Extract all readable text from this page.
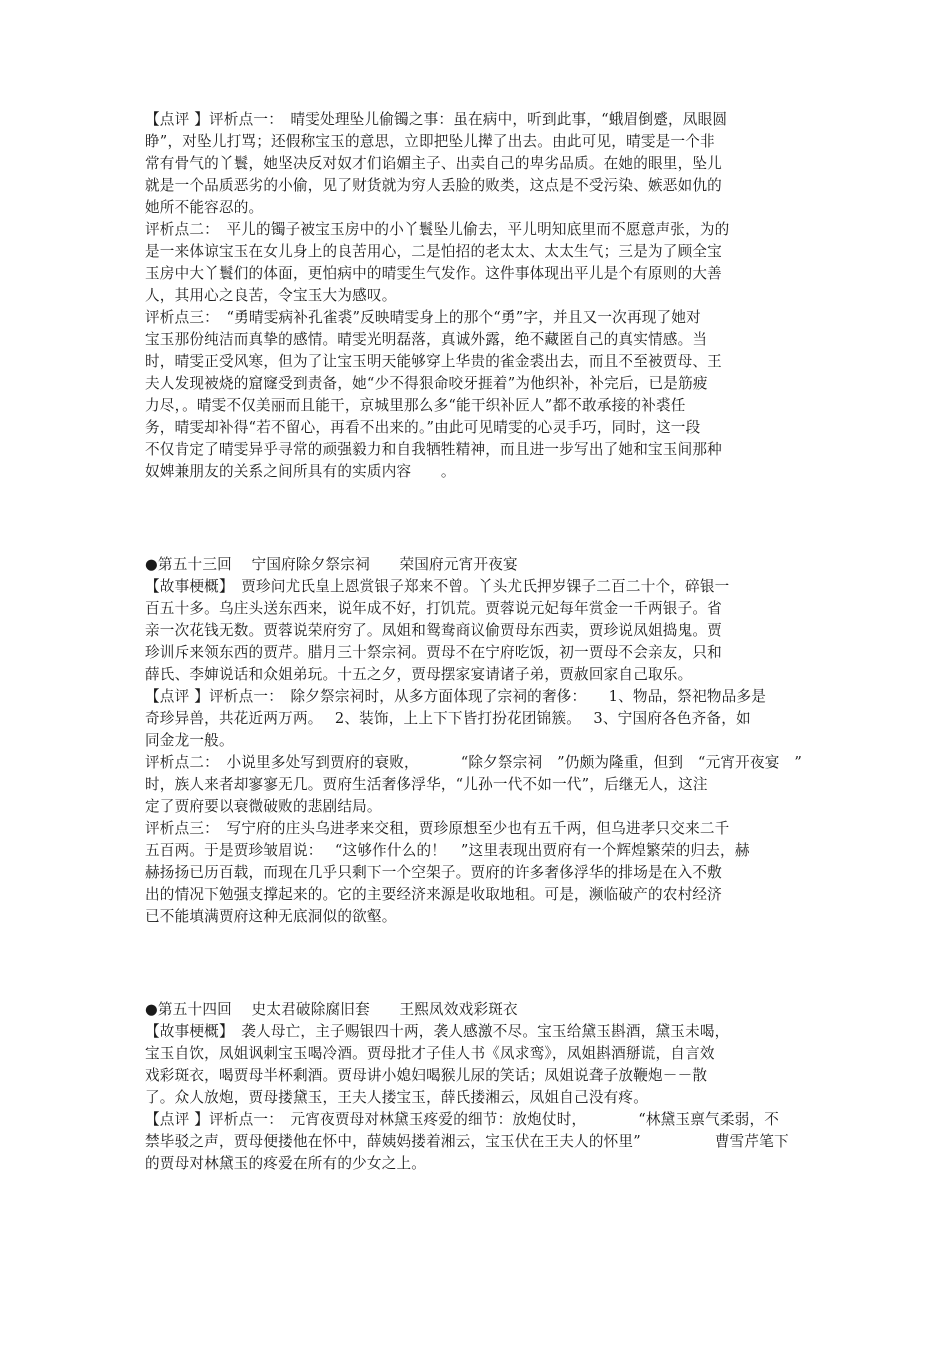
【点评 】评析点一：　晴雯处理坠儿偷镯之事：虽在病中，听到此事，“蛾眉倒蹙，凤眼圆
睁”，对坠儿打骂；还假称宝玉的意思，立即把坠儿撵了出去。由此可见，晴雯是一个非
常有骨气的丫鬟，她坚决反对奴才们谄媚主子、出卖自己的卑劣品质。在她的眼里，坠儿
就是一个品质恶劣的小偷，见了财货就为穷人丢脸的败类，这点是不受污染、嫉恶如仇的
她所不能容忍的。
评析点二：　平儿的镯子被宝玉房中的小丫鬟坠儿偷去，平儿明知底里而不愿意声张，为的
是一来体谅宝玉在女儿身上的良苦用心，二是怕招的老太太、太太生气；三是为了顾全宝
玉房中大丫鬟们的体面，更怕病中的晴雯生气发作。这件事体现出平儿是个有原则的大善
人，其用心之良苦，令宝玉大为感叹。
评析点三：　“勇晴雯病补孔雀裘”反映晴雯身上的那个“勇”字，并且又一次再现了她对
宝玉那份纯洁而真挚的感情。晴雯光明磊落，真诚外露，绝不藏匿自己的真实情感。当
时，晴雯正受风寒，但为了让宝玉明天能够穿上华贵的雀金裘出去，而且不至被贾母、王
夫人发现被烧的窟窿受到责备，她“少不得狠命咬牙捱着”为他织补，补完后，已是筋疲
力尽，。晴雯不仅美丽而且能干，京城里那么多“能干织补匠人”都不敢承接的补裘任
务，晴雯却补得“若不留心，再看不出来的。”由此可见晴雯的心灵手巧，同时，这一段
不仅肯定了晴雯异乎寻常的顽强毅力和自我牺牲精神，而且进一步写出了她和宝玉间那种
奴婢兼朋友的关系之间所具有的实质内容　　。
●第五十三回　 宁国府除夕祭宗祠　　荣国府元宵开夜宴
【故事梗概】　贾珍问尤氏皇上恩赏银子郑来不曾。丫头尤氏押岁锞子二百二十个，碎银一
百五十多。乌庄头送东西来，说年成不好，打饥荒。贾蓉说元妃每年赏金一千两银子。省
亲一次花钱无数。贾蓉说荣府穷了。凤姐和鸳鸯商议偷贾母东西卖，贾珍说凤姐捣鬼。贾
珍训斥来领东西的贾芹。腊月三十祭宗祠。贾母不在宁府吃饭，初一贾母不会亲友，只和
薛氏、李婶说话和众姐弟玩。十五之夕，贾母摆家宴请诸子弟，贾赦回家自己取乐。
【点评 】评析点一：　除夕祭宗祠时，从多方面体现了宗祠的奢侈：　　1、物品，祭祀物品多是
奇珍异兽，共花近两万两。　 2、装饰，上上下下皆打扮花团锦簇。　 3、宁国府各色齐备，如
同金龙一般。
评析点二：　小说里多处写到贾府的衰败，　　　 “除夕祭宗祠　”仍颇为隆重，但到　“元宵开夜宴　”
时，族人来者却寥寥无几。贾府生活奢侈浮华，“儿孙一代不如一代”，后继无人，这注
定了贾府要以衰微破败的悲剧结局。
评析点三：　写宁府的庄头乌进孝来交租，贾珍原想至少也有五千两，但乌进孝只交来二千
五百两。于是贾珍皱眉说：　 “这够作什么的！　”这里表现出贾府有一个辉煌繁荣的归去，赫
赫扬扬已历百载，而现在几乎只剩下一个空架子。贾府的许多奢侈浮华的排场是在入不敷
出的情况下勉强支撑起来的。它的主要经济来源是收取地租。可是，濒临破产的农村经济
已不能填满贾府这种无底洞似的欲壑。
●第五十四回　 史太君破除腐旧套　　王熙凤效戏彩斑衣
【故事梗概】　袭人母亡，主子赐银四十两，袭人感激不尽。宝玉给黛玉斟酒，黛玉未喝，
宝玉自饮，凤姐讽刺宝玉喝冷酒。贾母批才子佳人书《凤求鸾》，凤姐斟酒掰谎，自言效
戏彩斑衣，喝贾母半杯剩酒。贾母讲小媳妇喝猴儿尿的笑话；凤姐说聋子放鞭炮－－散
了。众人放炮，贾母搂黛玉，王夫人搂宝玉，薛氏搂湘云，凤姐自己没有疼。
【点评 】评析点一：　元宵夜贾母对林黛玉疼爱的细节：放炮仗时，　　　　“林黛玉禀气柔弱，不
禁毕驳之声，贾母便搂他在怀中，薛姨妈搂着湘云，宝玉伏在王夫人的怀里”　　　　　曹雪芹笔下
的贾母对林黛玉的疼爱在所有的少女之上。
